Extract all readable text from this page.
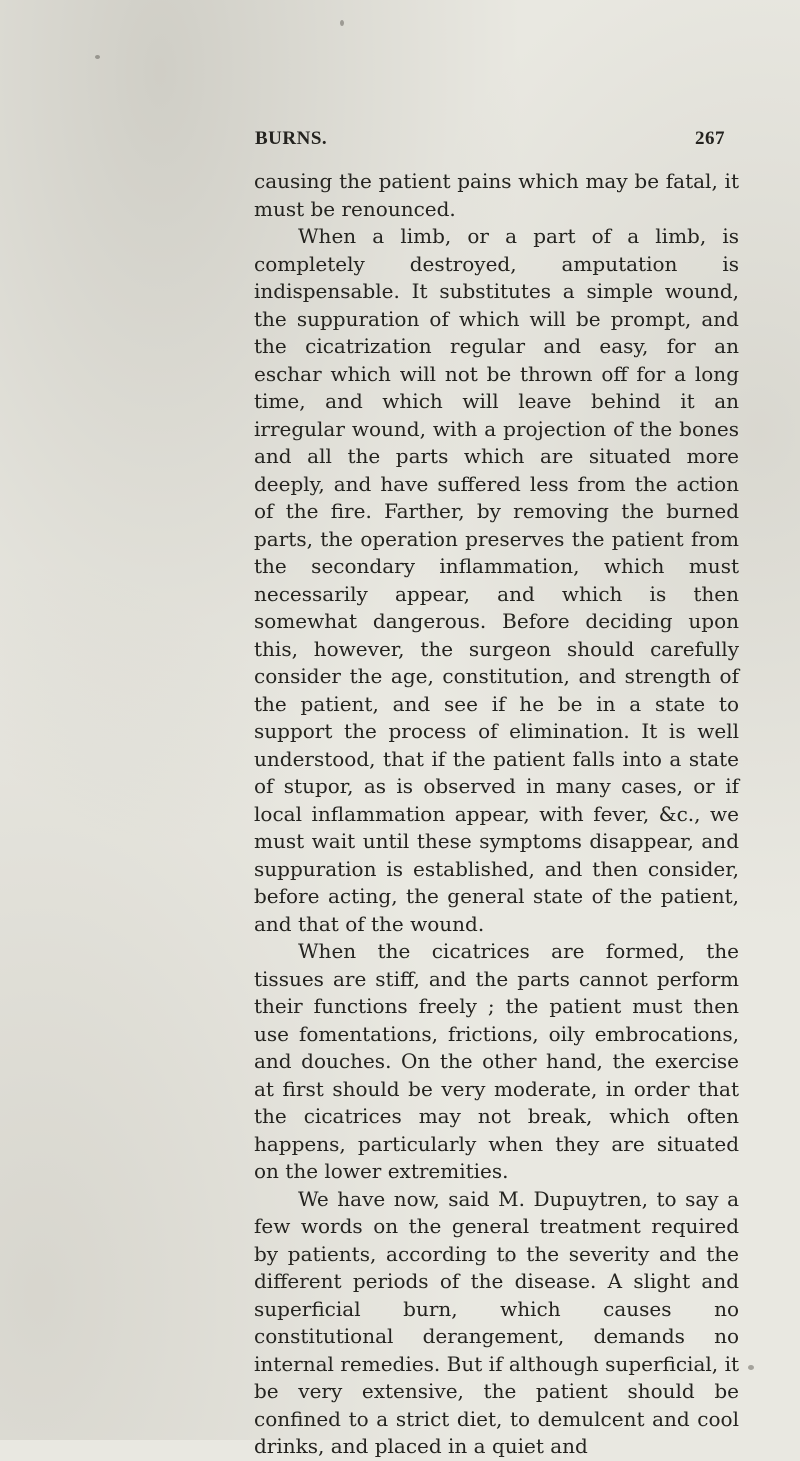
BURNS.	267

causing the patient pains which may be fatal, it must be renounced.

When a limb, or a part of a limb, is completely destroyed, amputation is indispensable. It substitutes a simple wound, the suppuration of which will be prompt, and the cicatrization regular and easy, for an eschar which will not be thrown off for a long time, and which will leave behind it an irregular wound, with a projection of the bones and all the parts which are situated more deeply, and have suffered less from the action of the fire. Farther, by removing the burned parts, the operation preserves the patient from the secondary inflammation, which must necessarily appear, and which is then somewhat dangerous. Before deciding upon this, however, the surgeon should carefully consider the age, constitution, and strength of the patient, and see if he be in a state to support the process of elimination. It is well understood, that if the patient falls into a state of stupor, as is observed in many cases, or if local inflammation appear, with fever, &c., we must wait until these symptoms disappear, and suppuration is established, and then consider, before acting, the general state of the patient, and that of the wound.

When the cicatrices are formed, the tissues are stiff, and the parts cannot perform their functions freely ; the patient must then use fomentations, frictions, oily embrocations, and douches. On the other hand, the exercise at first should be very moderate, in order that the cicatrices may not break, which often happens, particularly when they are situated on the lower extremities.

We have now, said M. Dupuytren, to say a few words on the general treatment required by patients, according to the severity and the different periods of the disease. A slight and superficial burn, which causes no constitutional derangement, demands no internal remedies. But if although superficial, it be very extensive, the patient should be confined to a strict diet, to demulcent and cool drinks, and placed in a quiet and
